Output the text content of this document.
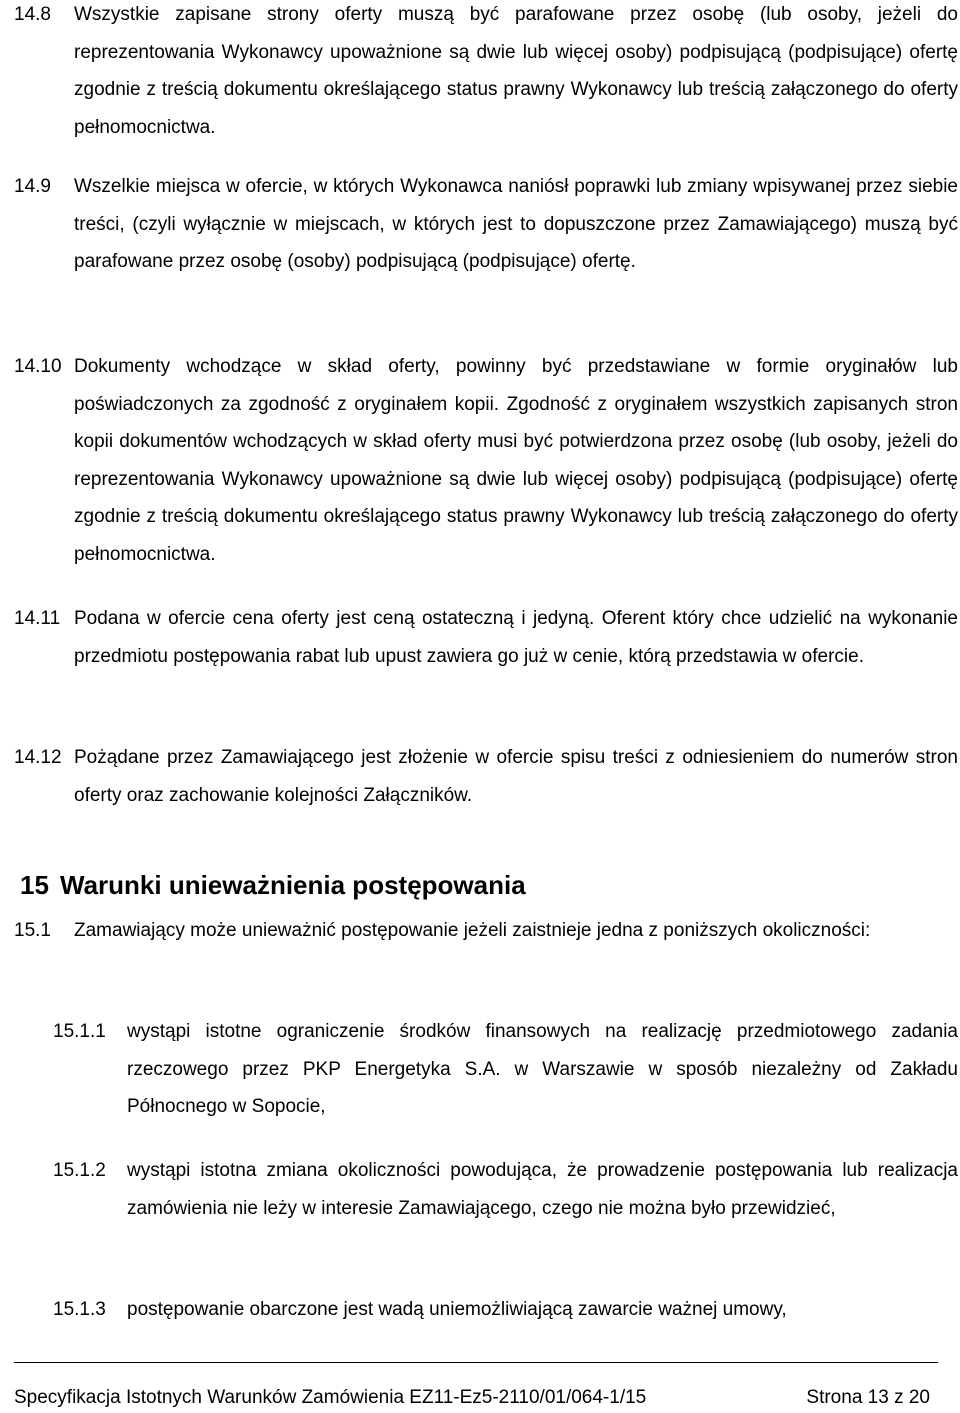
14.8 Wszystkie zapisane strony oferty muszą być parafowane przez osobę (lub osoby, jeżeli do reprezentowania Wykonawcy upoważnione są dwie lub więcej osoby) podpisującą (podpisujące) ofertę zgodnie z treścią dokumentu określającego status prawny Wykonawcy lub treścią załączonego do oferty pełnomocnictwa.
14.9 Wszelkie miejsca w ofercie, w których Wykonawca naniósł poprawki lub zmiany wpisywanej przez siebie treści, (czyli wyłącznie w miejscach, w których jest to dopuszczone przez Zamawiającego) muszą być parafowane przez osobę (osoby) podpisującą (podpisujące) ofertę.
14.10 Dokumenty wchodzące w skład oferty, powinny być przedstawiane w formie oryginałów lub poświadczonych za zgodność z oryginałem kopii. Zgodność z oryginałem wszystkich zapisanych stron kopii dokumentów wchodzących w skład oferty musi być potwierdzona przez osobę (lub osoby, jeżeli do reprezentowania Wykonawcy upoważnione są dwie lub więcej osoby) podpisującą (podpisujące) ofertę zgodnie z treścią dokumentu określającego status prawny Wykonawcy lub treścią załączonego do oferty pełnomocnictwa.
14.11 Podana w ofercie cena oferty jest ceną ostateczną i jedyną. Oferent który chce udzielić na wykonanie przedmiotu postępowania rabat lub upust zawiera go już w cenie, którą przedstawia w ofercie.
14.12 Pożądane przez Zamawiającego jest złożenie w ofercie spisu treści z odniesieniem do numerów stron oferty oraz zachowanie kolejności Załączników.
15 Warunki unieważnienia postępowania
15.1 Zamawiający może unieważnić postępowanie jeżeli zaistnieje jedna z poniższych okoliczności:
15.1.1 wystąpi istotne ograniczenie środków finansowych na realizację przedmiotowego zadania rzeczowego przez PKP Energetyka S.A. w Warszawie w sposób niezależny od Zakładu Północnego w Sopocie,
15.1.2 wystąpi istotna zmiana okoliczności powodująca, że prowadzenie postępowania lub realizacja zamówienia nie leży w interesie Zamawiającego, czego nie można było przewidzieć,
15.1.3 postępowanie obarczone jest wadą uniemożliwiającą zawarcie ważnej umowy,
Specyfikacja Istotnych Warunków Zamówienia EZ11-Ez5-2110/01/064-1/15	Strona 13 z 20
